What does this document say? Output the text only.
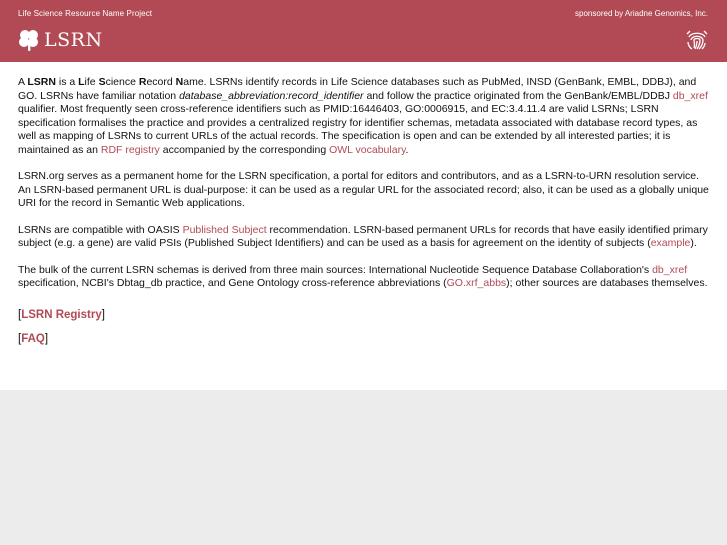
Life Science Resource Name Project	sponsored by Ariadne Genomics, Inc.
LSRN

A LSRN is a Life Science Record Name. LSRNs identify records in Life Science databases such as PubMed, INSD (GenBank, EMBL, DDBJ), and GO. LSRNs have familiar notation database_abbreviation:record_identifier and follow the practice originated from the GenBank/EMBL/DDBJ db_xref qualifier. Most frequently seen cross-reference identifiers such as PMID:16446403, GO:0006915, and EC:3.4.11.4 are valid LSRNs; LSRN specification formalises the practice and provides a centralized registry for identifier schemas, metadata associated with database record types, as well as mapping of LSRNs to current URLs of the actual records. The specification is open and can be extended by all interested parties; it is maintained as an RDF registry accompanied by the corresponding OWL vocabulary.

LSRN.org serves as a permanent home for the LSRN specification, a portal for editors and contributors, and as a LSRN-to-URN resolution service. An LSRN-based permanent URL is dual-purpose: it can be used as a regular URL for the associated record; also, it can be used as a globally unique URI for the record in Semantic Web applications.

LSRNs are compatible with OASIS Published Subject recommendation. LSRN-based permanent URLs for records that have easily identified primary subject (e.g. a gene) are valid PSIs (Published Subject Identifiers) and can be used as a basis for agreement on the identity of subjects (example).

The bulk of the current LSRN schemas is derived from three main sources: International Nucleotide Sequence Database Collaboration's db_xref specification, NCBI's Dbtag_db practice, and Gene Ontology cross-reference abbreviations (GO.xrf_abbs); other sources are databases themselves.

[LSRN Registry]
[FAQ]
